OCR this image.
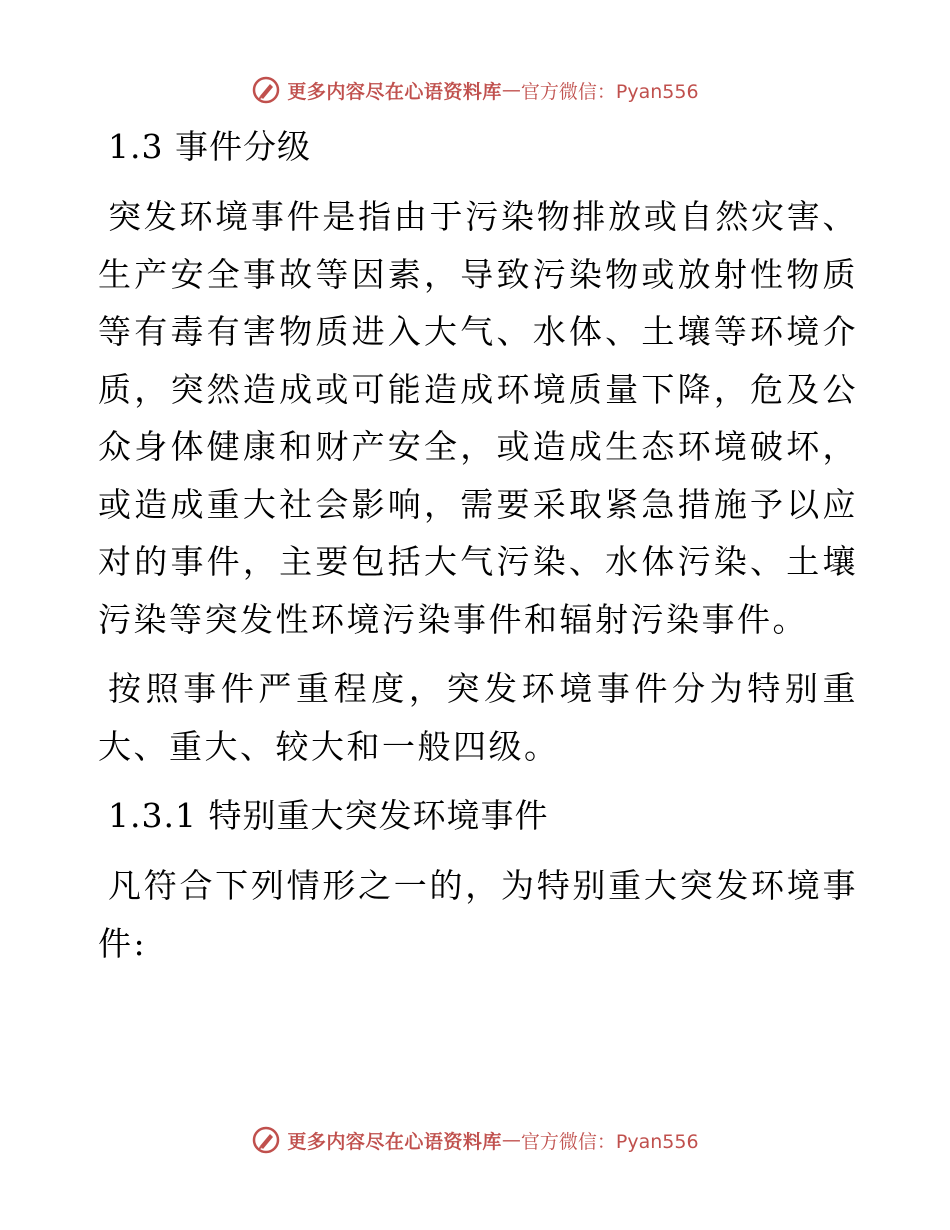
更多内容尽在心语资料库 — 官方微信：Pyan556
1.3 事件分级

突发环境事件是指由于污染物排放或自然灾害、生产安全事故等因素，导致污染物或放射性物质等有毒有害物质进入大气、水体、土壤等环境介质，突然造成或可能造成环境质量下降，危及公众身体健康和财产安全，或造成生态环境破坏，或造成重大社会影响，需要采取紧急措施予以应对的事件，主要包括大气污染、水体污染、土壤污染等突发性环境污染事件和辐射污染事件。

按照事件严重程度，突发环境事件分为特别重大、重大、较大和一般四级。

1.3.1 特别重大突发环境事件

凡符合下列情形之一的，为特别重大突发环境事件:

更多内容尽在心语资料库 — 官方微信：Pyan556
